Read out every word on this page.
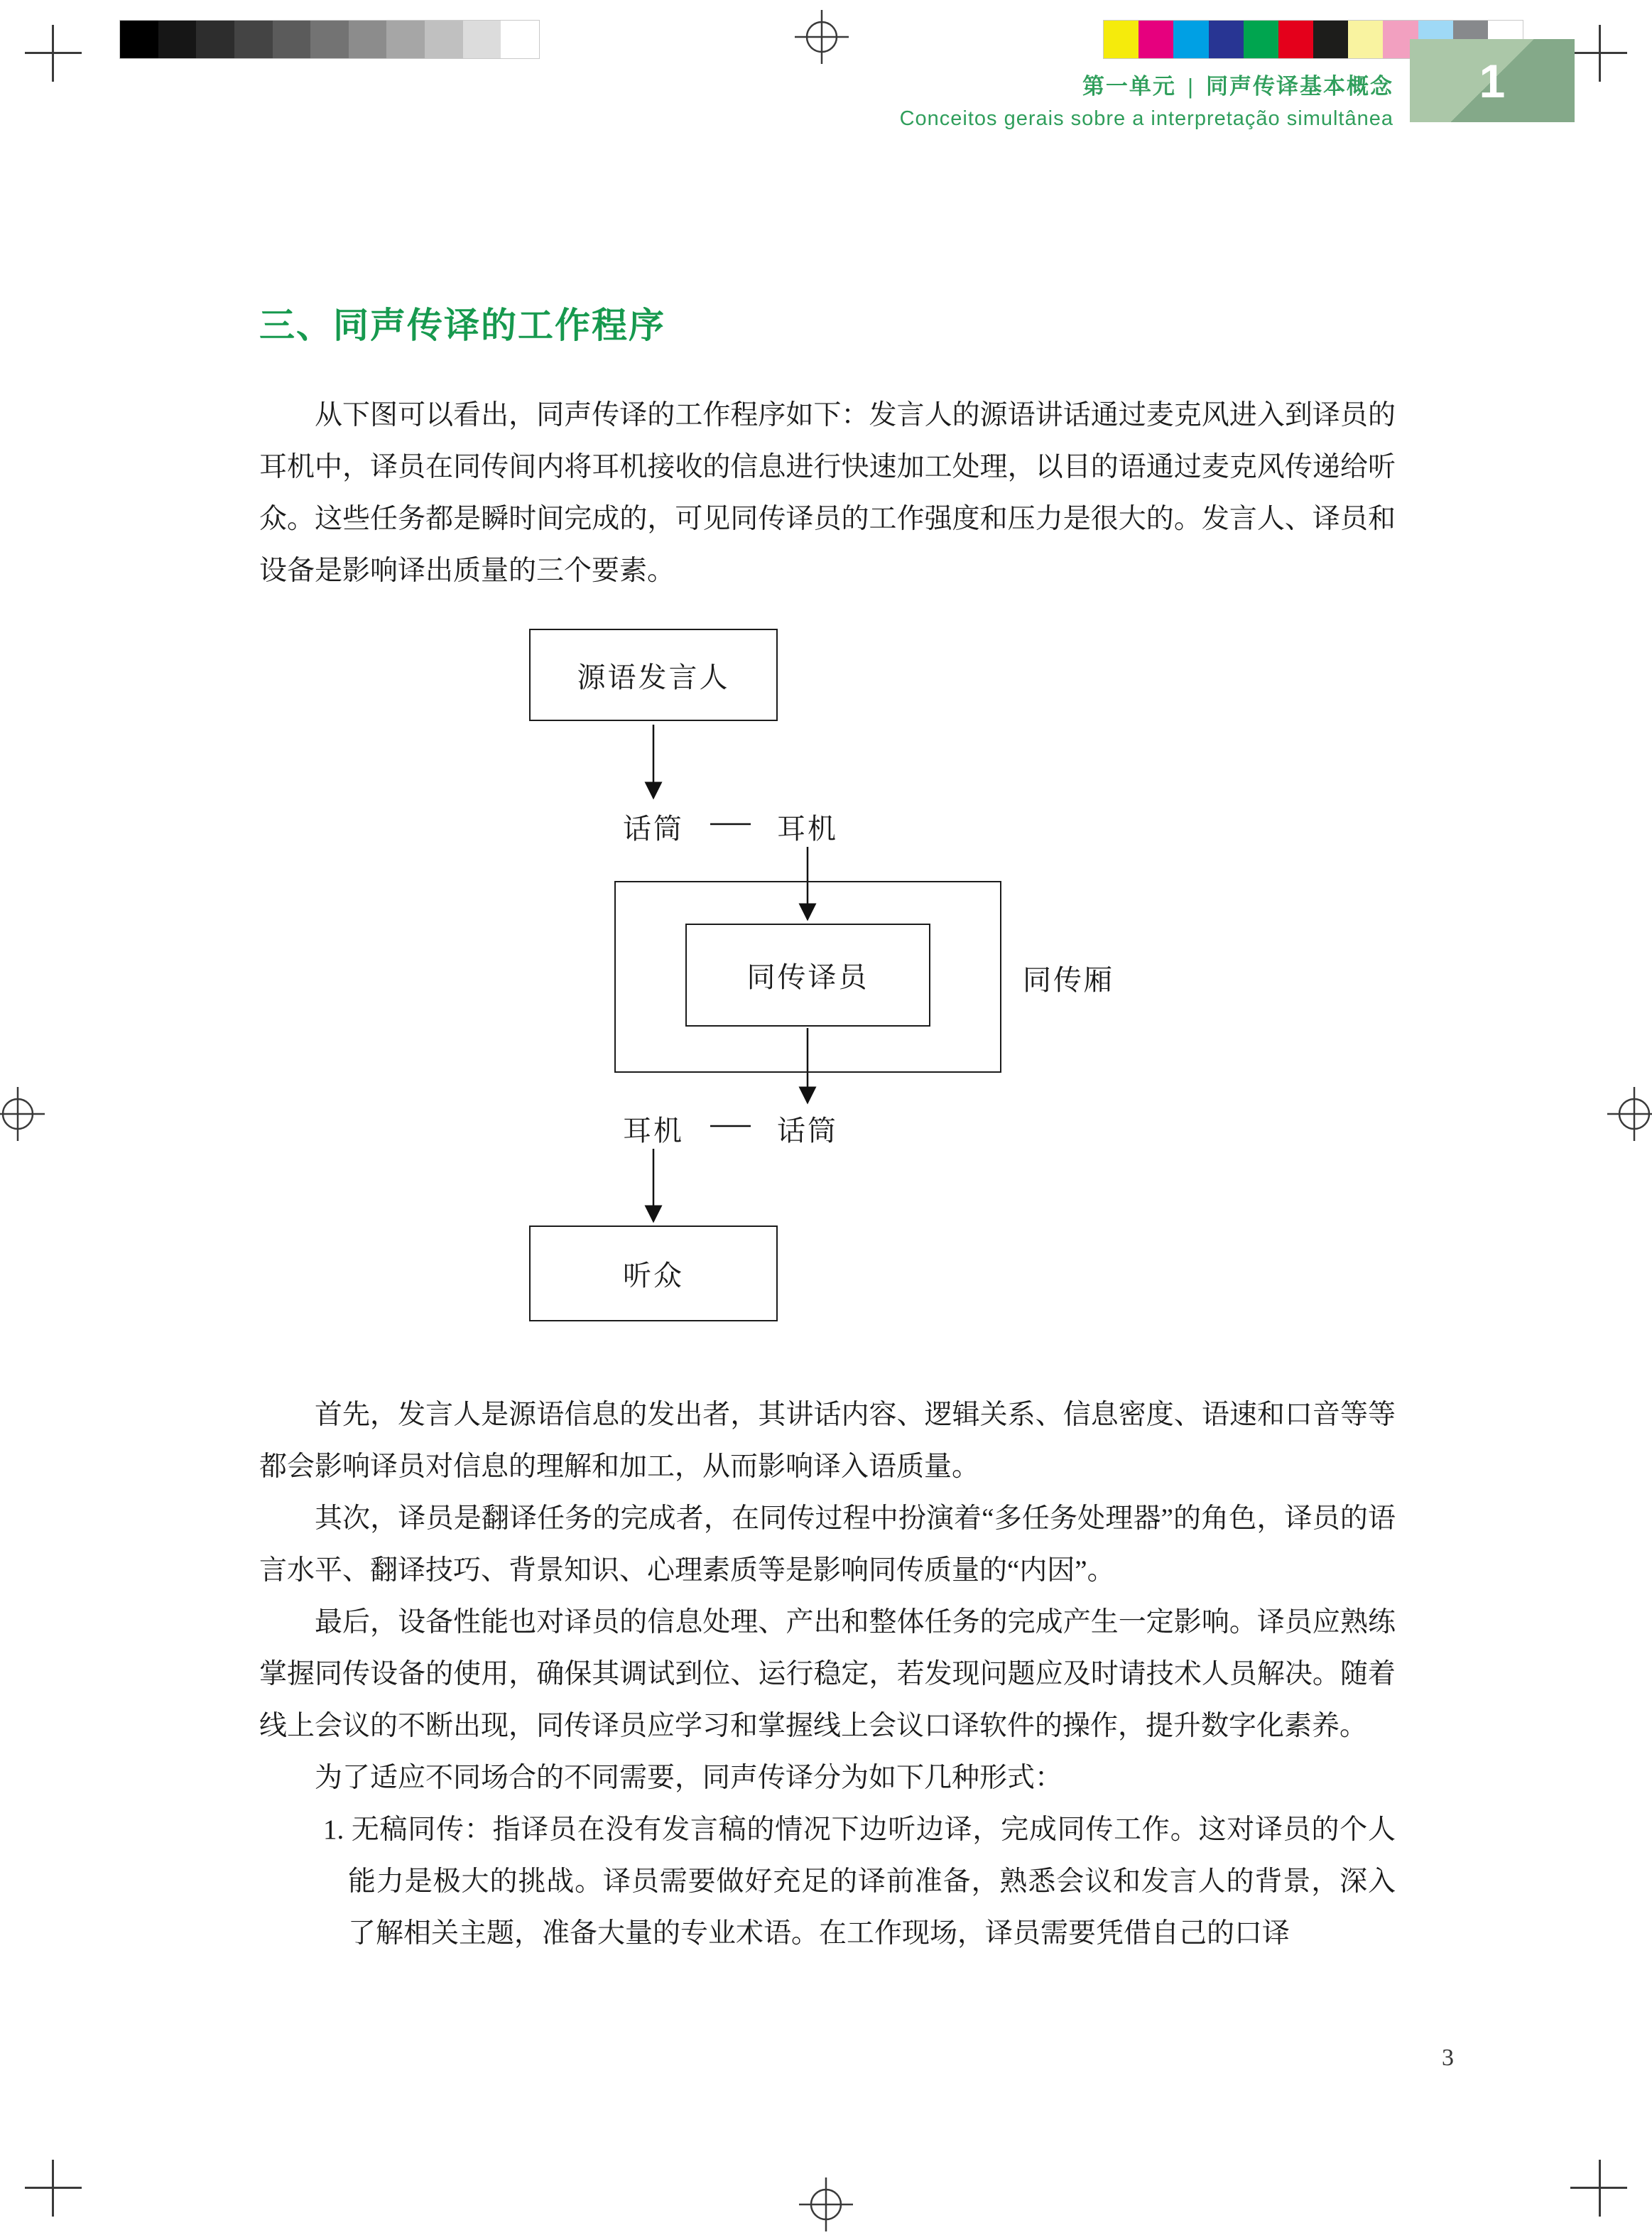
1
第一单元 | 同声传译基本概念
Conceitos gerais sobre a interpretação simultânea
三、同声传译的工作程序

从下图可以看出，同声传译的工作程序如下：发言人的源语讲话通过麦克风进入到译员的耳机中，译员在同传间内将耳机接收的信息进行快速加工处理，以目的语通过麦克风传递给听众。这些任务都是瞬时间完成的，可见同传译员的工作强度和压力是很大的。发言人、译员和设备是影响译出质量的三个要素。

源语发言人
话筒	耳机
同传译员	同传厢
话筒
耳机
听众

首先，发言人是源语信息的发出者，其讲话内容、逻辑关系、信息密度、语速和口音等等都会影响译员对信息的理解和加工，从而影响译入语质量。

其次，译员是翻译任务的完成者，在同传过程中扮演着“多任务处理器”的角色，译员的语言水平、翻译技巧、背景知识、心理素质等是影响同传质量的“内因”。

最后，设备性能也对译员的信息处理、产出和整体任务的完成产生一定影响。译员应熟练掌握同传设备的使用，确保其调试到位、运行稳定，若发现问题应及时请技术人员解决。随着线上会议的不断出现，同传译员应学习和掌握线上会议口译软件的操作，提升数字化素养。

为了适应不同场合的不同需要，同声传译分为如下几种形式：

1. 无稿同传：指译员在没有发言稿的情况下边听边译，完成同传工作。这对译员的个人能力是极大的挑战。译员需要做好充足的译前准备，熟悉会议和发言人的背景，深入了解相关主题，准备大量的专业术语。在工作现场，译员需要凭借自己的口译
3
